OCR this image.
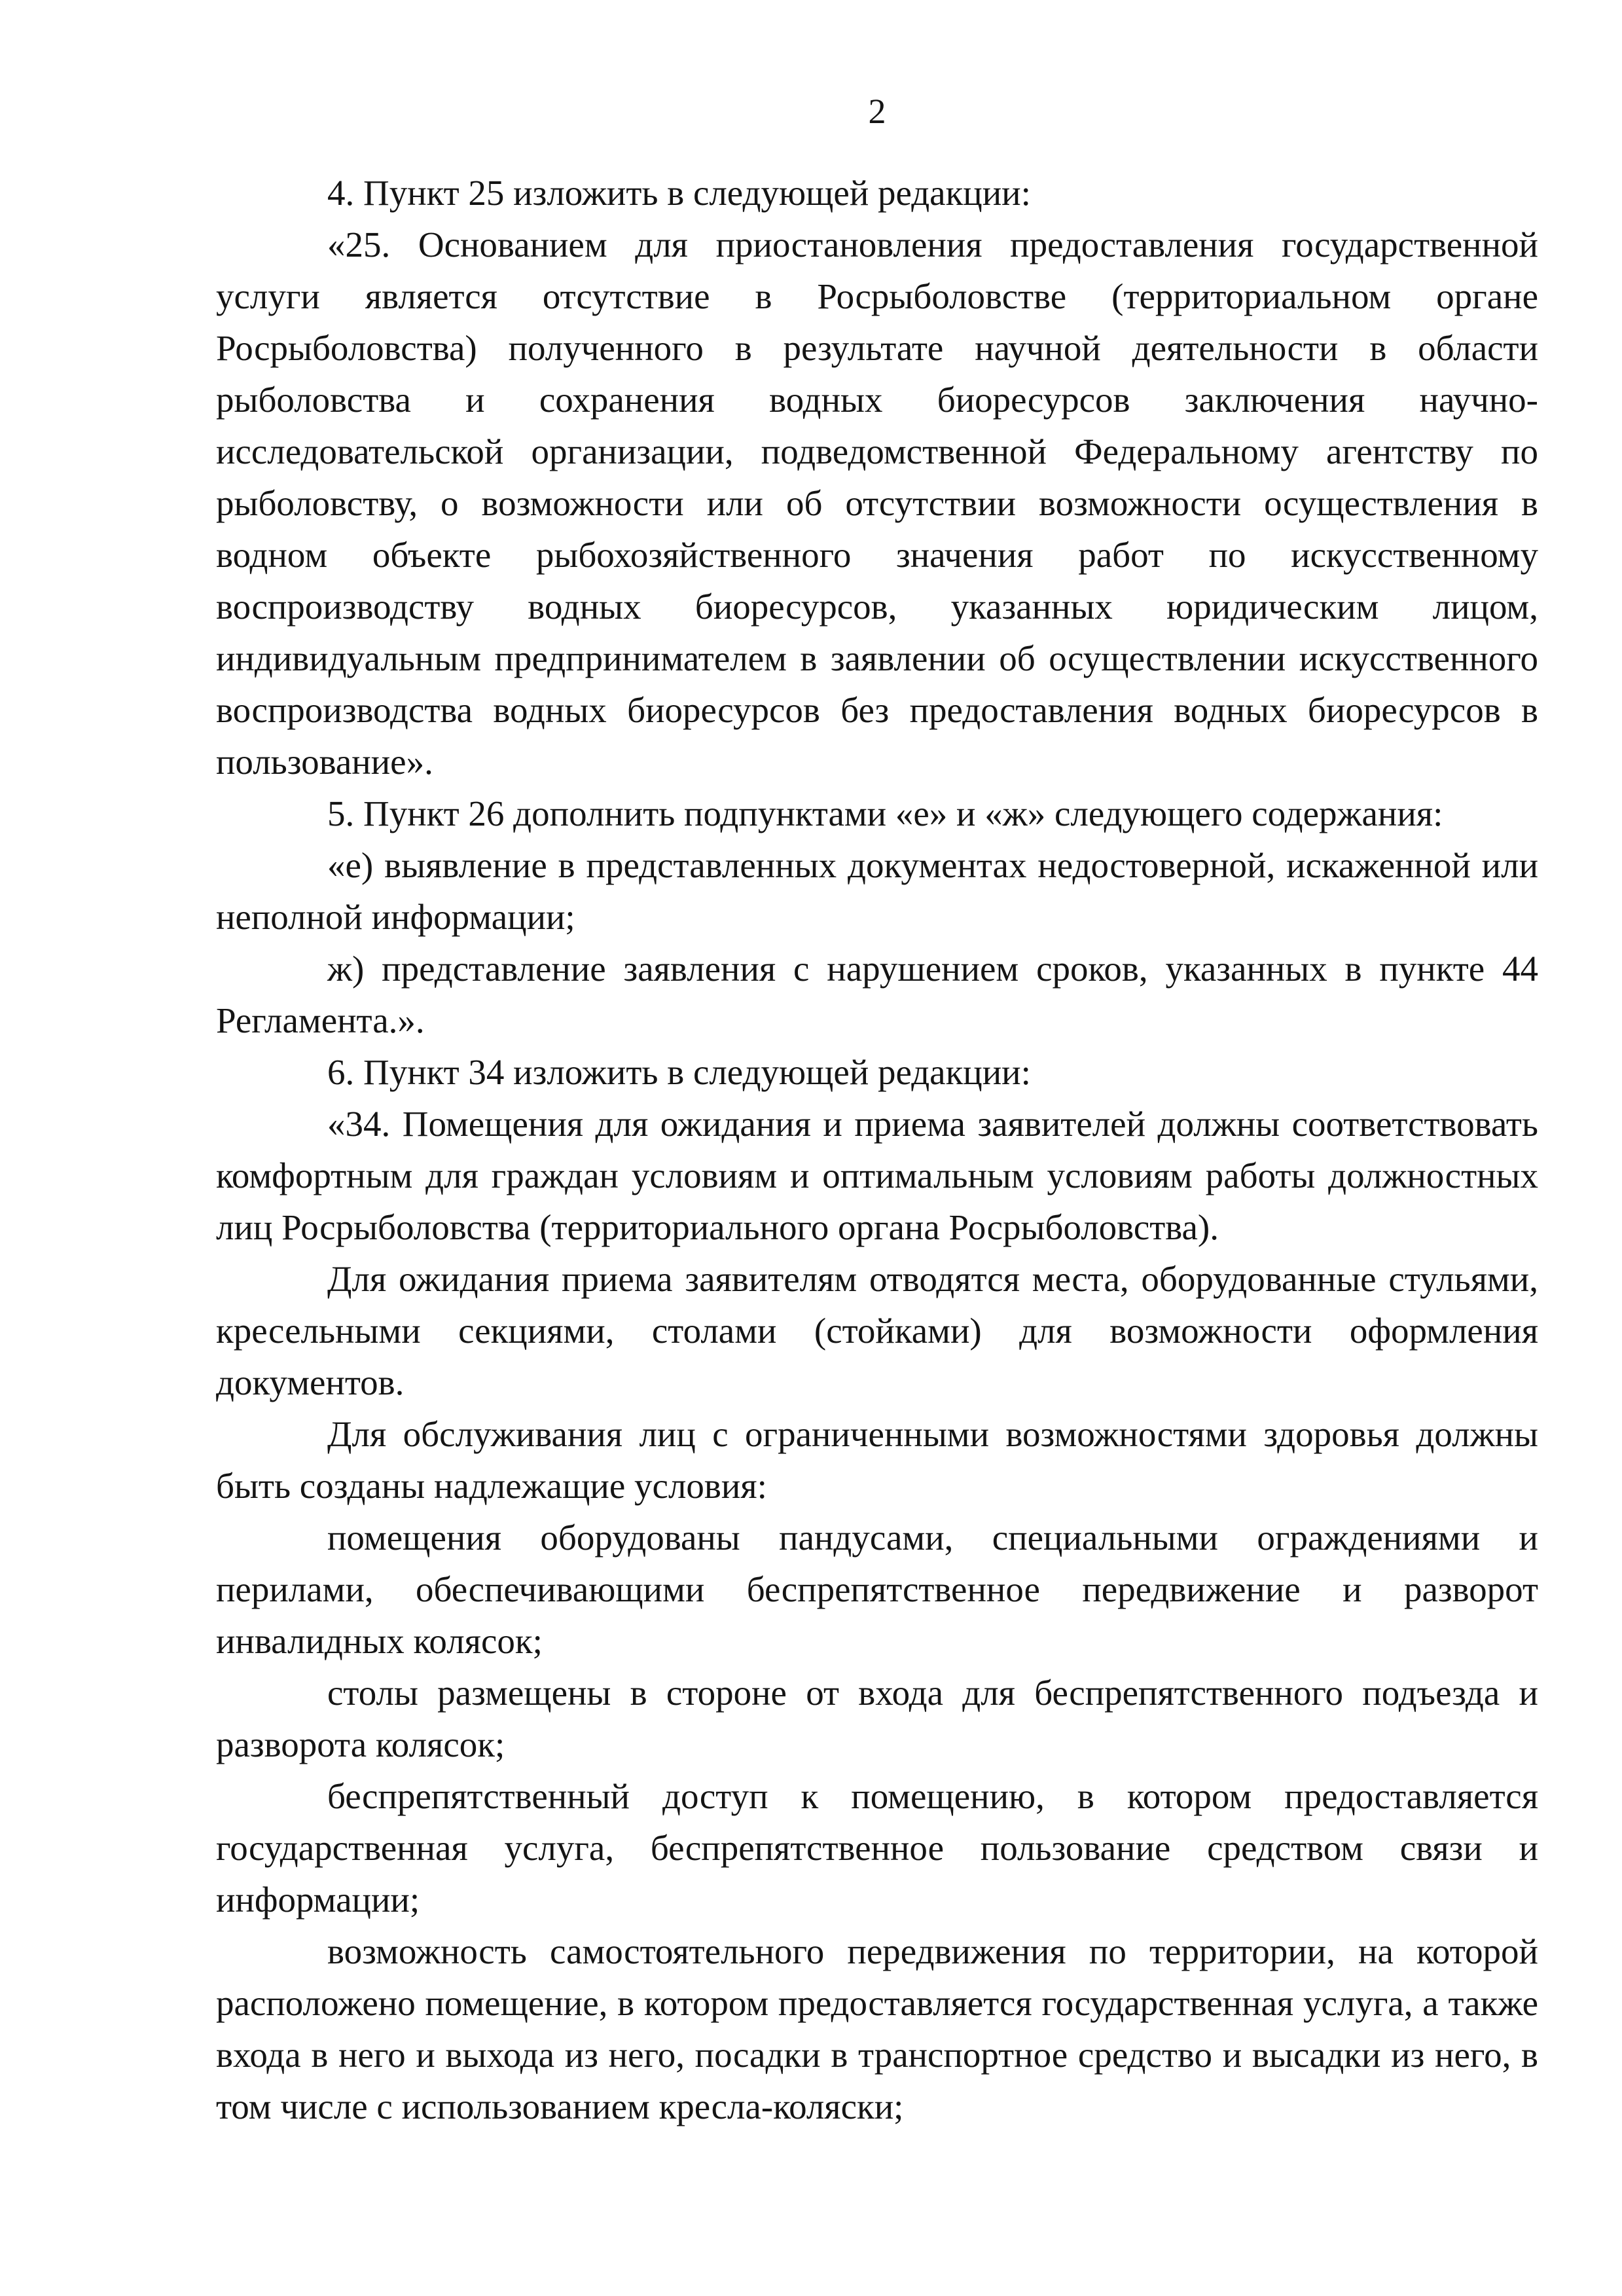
2

4. Пункт 25 изложить в следующей редакции:

«25. Основанием для приостановления предоставления государственной услуги является отсутствие в Росрыболовстве (территориальном органе Росрыболовства) полученного в результате научной деятельности в области рыболовства и сохранения водных биоресурсов заключения научно-исследовательской организации, подведомственной Федеральному агентству по рыболовству, о возможности или об отсутствии возможности осуществления в водном объекте рыбохозяйственного значения работ по искусственному воспроизводству водных биоресурсов, указанных юридическим лицом, индивидуальным предпринимателем в заявлении об осуществлении искусственного воспроизводства водных биоресурсов без предоставления водных биоресурсов в пользование».

5. Пункт 26 дополнить подпунктами «е» и «ж» следующего содержания:

«е) выявление в представленных документах недостоверной, искаженной или неполной информации;

ж) представление заявления с нарушением сроков, указанных в пункте 44 Регламента.».

6. Пункт 34 изложить в следующей редакции:

«34. Помещения для ожидания и приема заявителей должны соответствовать комфортным для граждан условиям и оптимальным условиям работы должностных лиц Росрыболовства (территориального органа Росрыболовства).

Для ожидания приема заявителям отводятся места, оборудованные стульями, кресельными секциями, столами (стойками) для возможности оформления документов.

Для обслуживания лиц с ограниченными возможностями здоровья должны быть созданы надлежащие условия:

помещения оборудованы пандусами, специальными ограждениями и перилами, обеспечивающими беспрепятственное передвижение и разворот инвалидных колясок;

столы размещены в стороне от входа для беспрепятственного подъезда и разворота колясок;

беспрепятственный доступ к помещению, в котором предоставляется государственная услуга, беспрепятственное пользование средством связи и информации;

возможность самостоятельного передвижения по территории, на которой расположено помещение, в котором предоставляется государственная услуга, а также входа в него и выхода из него, посадки в транспортное средство и высадки из него, в том числе с использованием кресла-коляски;
